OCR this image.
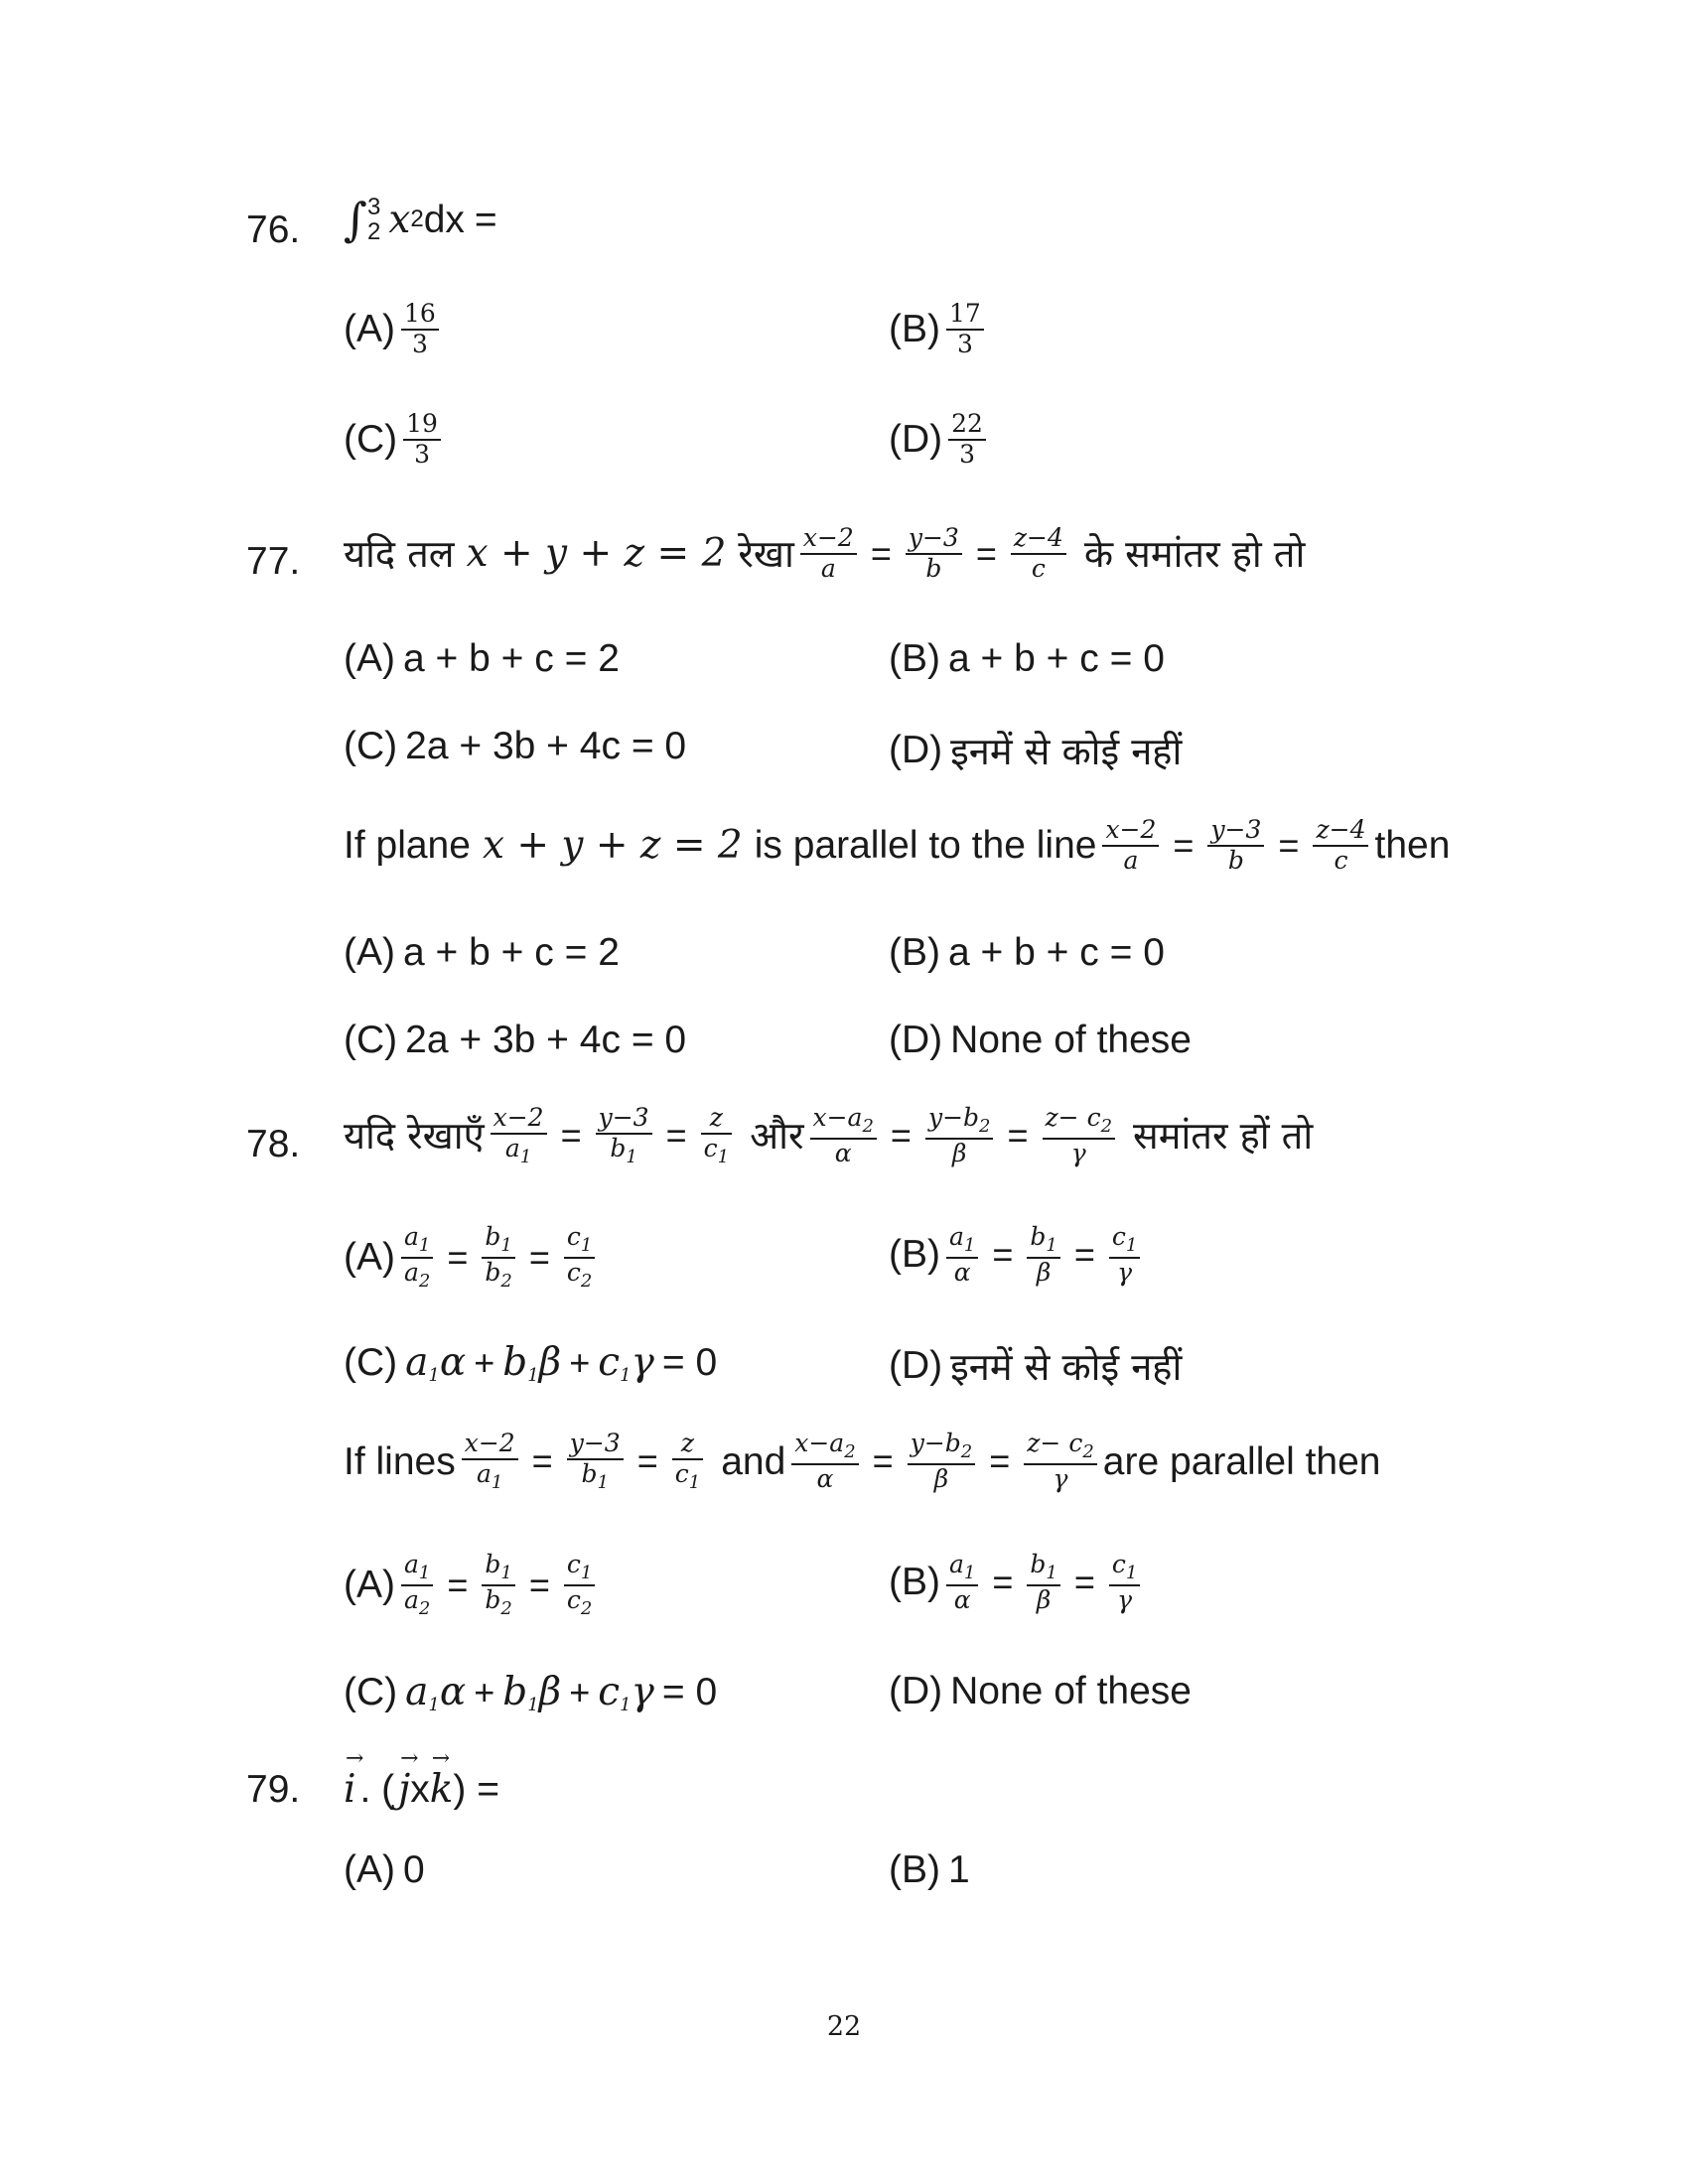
76. ∫ 3
2 x 2 dx =
$(A) \frac{16}{3}$	$(B) \frac{17}{3}$
$(C) \frac{19}{3}$	$(D) \frac{22}{3}$
77. यदि तल x + y + z = 2 रेखा $\frac{x-2}{a} = \frac{y-3}{b} = \frac{z-4}{c}$ के समांतर हो तो
(A) a + b + c = 2	(B) a + b + c = 0
(C) 2a + 3b + 4c = 0	(D) इनमें से कोई नहीं
If plane x + y + z = 2 is parallel to the line $\frac{x-2}{a} = \frac{y-3}{b} = \frac{z-4}{c}$ then
(A) a + b + c = 2	(B) a + b + c = 0
(C) 2a + 3b + 4c = 0	(D) None of these
78. यदि रेखाएँ $\frac{x-2}{a_1} = \frac{y-3}{b_1} = \frac{z}{c_1}$ और $\frac{x-a_2}{\alpha} = \frac{y-b_2}{\beta} = \frac{z- c_2}{\gamma}$ समांतर हों तो
$(A) \frac{a_1}{a_2} = \frac{b_1}{b_2} = \frac{c_1}{c_2}$	$(B) \frac{a_1}{\alpha} = \frac{b_1}{\beta} = \frac{c_1}{\gamma}$
(C) $a_1\alpha + b_1\beta + c_1\gamma = 0$	(D) इनमें से कोई नहीं
If lines $\frac{x-2}{a_1} = \frac{y-3}{b_1} = \frac{z}{c_1}$ and $\frac{x-a_2}{\alpha} = \frac{y-b_2}{\beta} = \frac{z- c_2}{\gamma}$ are parallel then
$(A) \frac{a_1}{a_2} = \frac{b_1}{b_2} = \frac{c_1}{c_2}$	$(B) \frac{a_1}{\alpha} = \frac{b_1}{\beta} = \frac{c_1}{\gamma}$
(C) $a_1\alpha + b_1\beta + c_1\gamma = 0$	(D) None of these
79. → i . ( → j x → k ) =
(A) 0	(B) 1
22
